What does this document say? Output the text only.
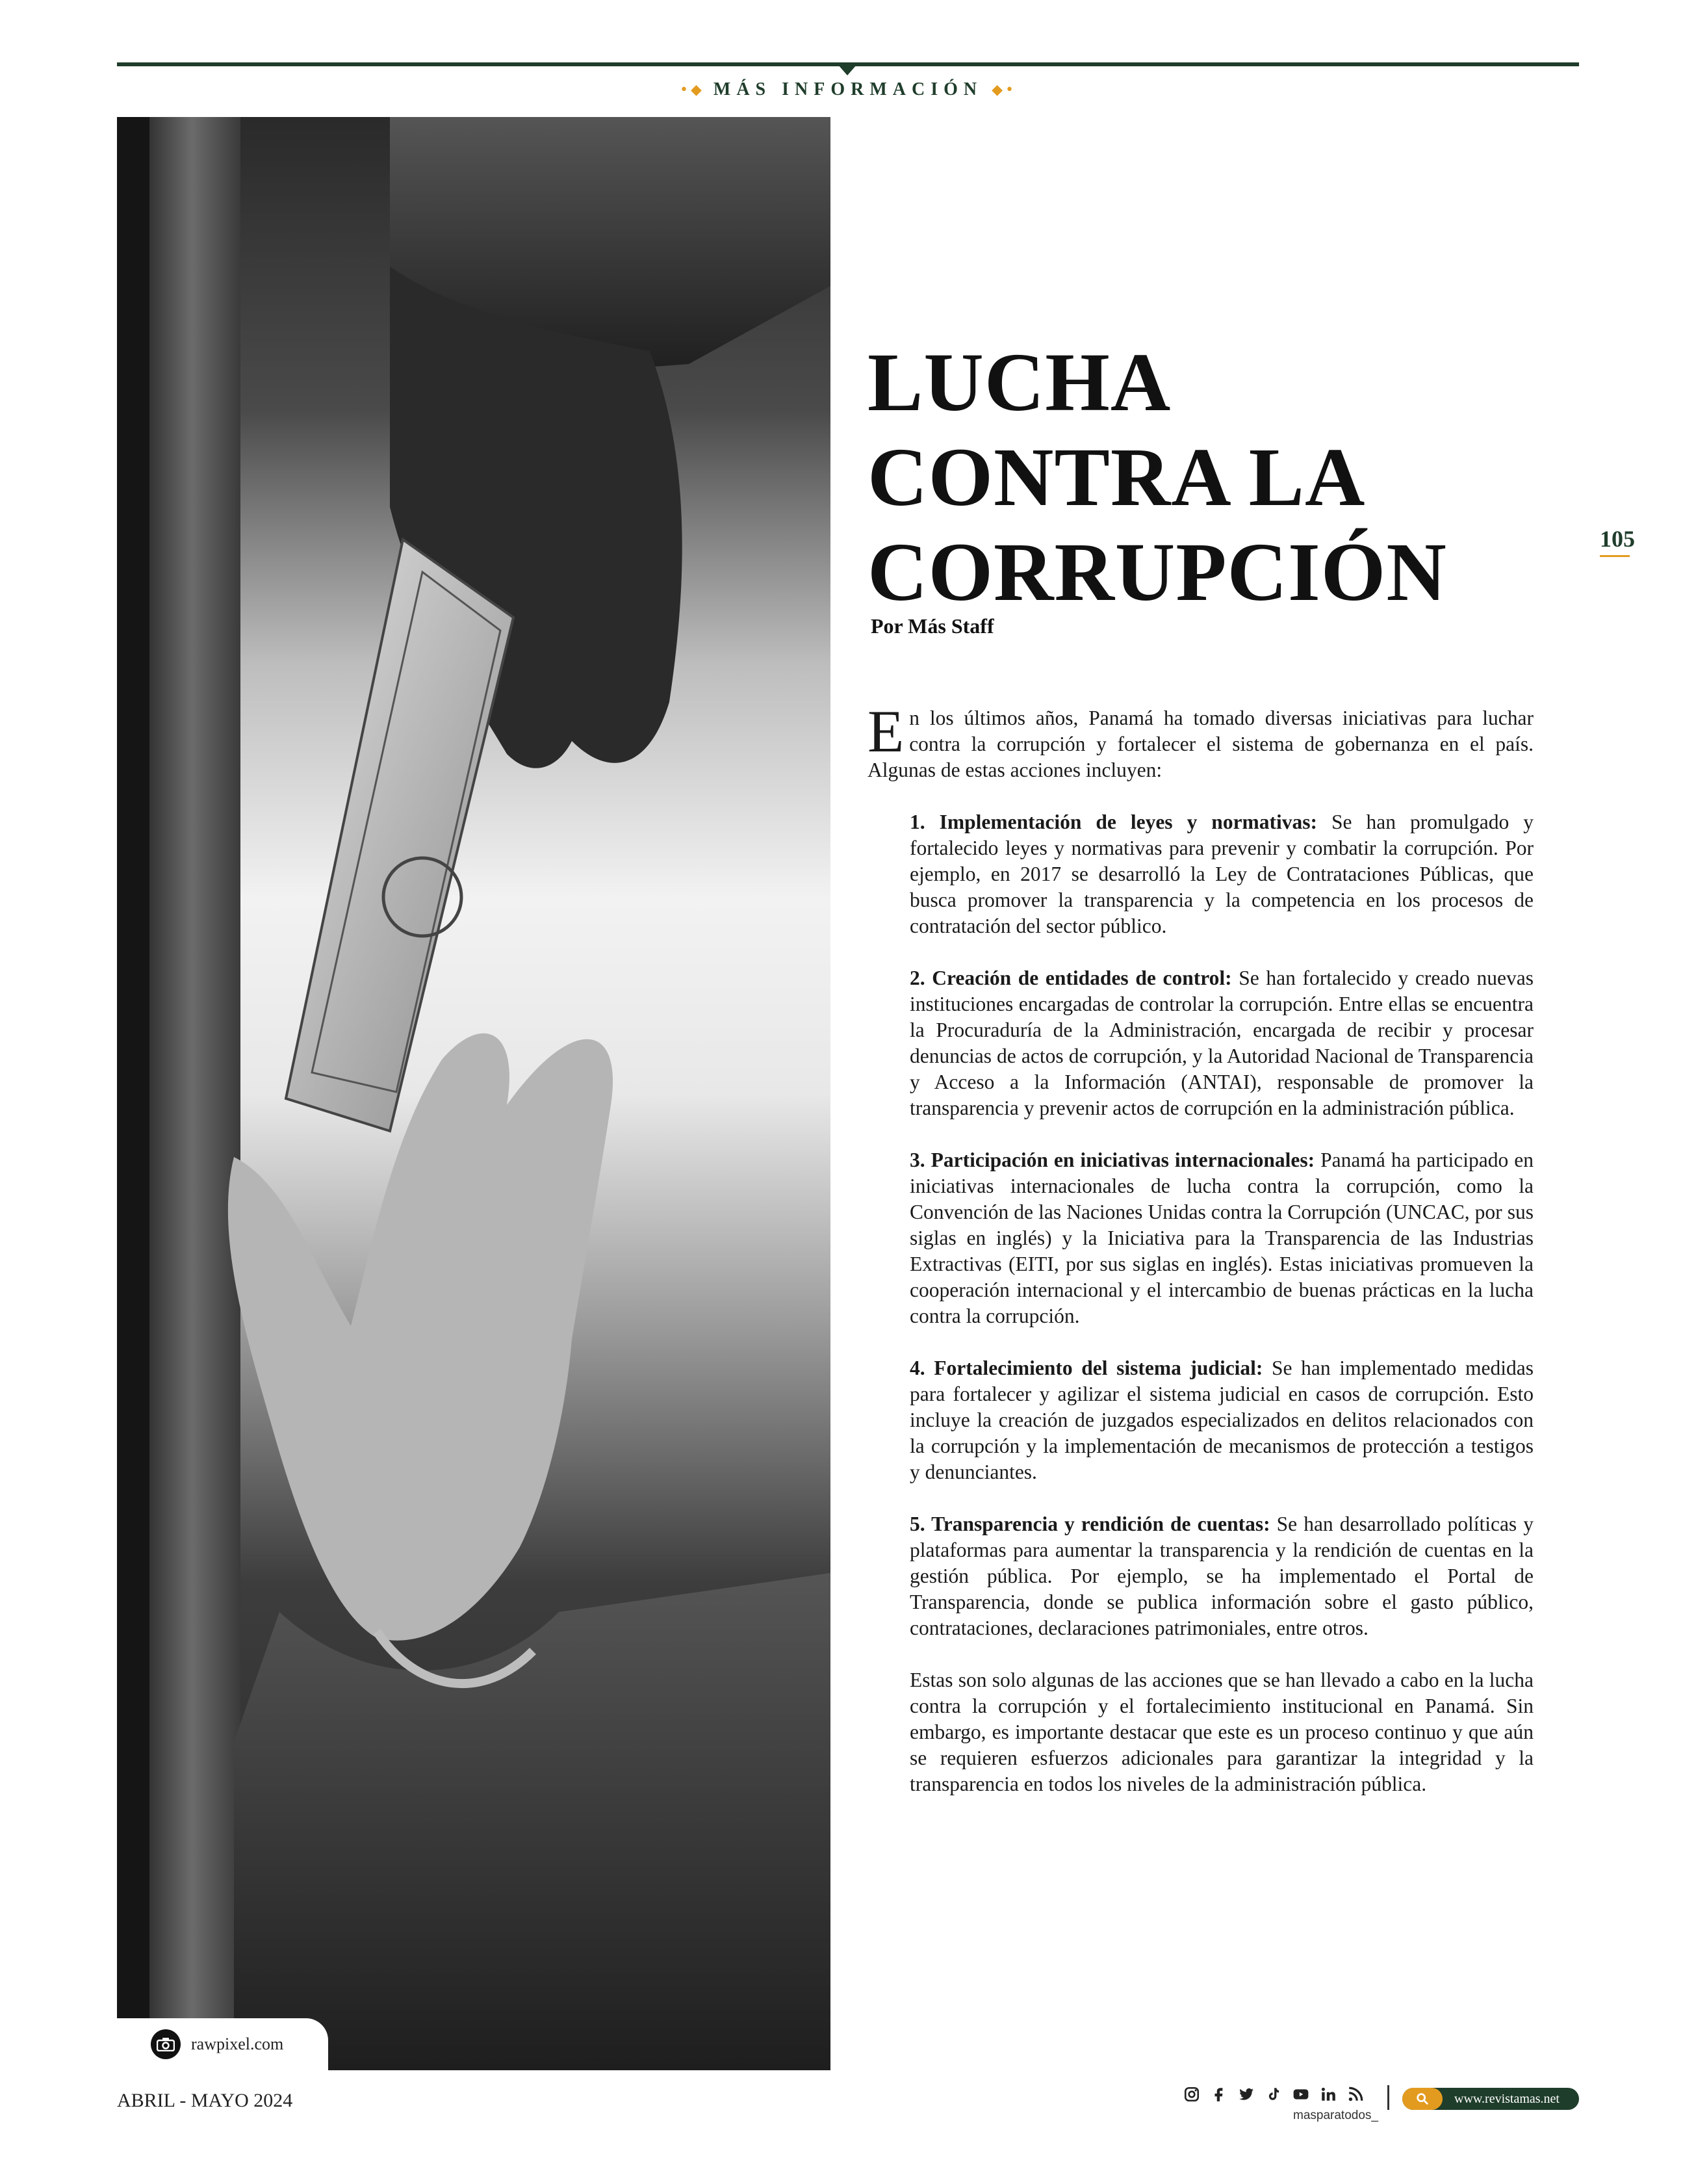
•◆ MÁS INFORMACIÓN ◆•
rawpixel.com
LUCHA
CONTRA LA
CORRUPCIÓN
Por Más Staff
105

En los últimos años, Panamá ha tomado diversas iniciativas para luchar contra la corrupción y fortalecer el sistema de gobernanza en el país. Algunas de estas acciones incluyen:

1. Implementación de leyes y normativas: Se han promulgado y fortalecido leyes y normativas para prevenir y combatir la corrupción. Por ejemplo, en 2017 se desarrolló la Ley de Contrataciones Públicas, que busca promover la transparencia y la competencia en los procesos de contratación del sector público.

2. Creación de entidades de control: Se han fortalecido y creado nuevas instituciones encargadas de controlar la corrupción. Entre ellas se encuentra la Procuraduría de la Administración, encargada de recibir y procesar denuncias de actos de corrupción, y la Autoridad Nacional de Transparencia y Acceso a la Información (ANTAI), responsable de promover la transparencia y prevenir actos de corrupción en la administración pública.

3. Participación en iniciativas internacionales: Panamá ha participado en iniciativas internacionales de lucha contra la corrupción, como la Convención de las Naciones Unidas contra la Corrupción (UNCAC, por sus siglas en inglés) y la Iniciativa para la Transparencia de las Industrias Extractivas (EITI, por sus siglas en inglés). Estas iniciativas promueven la cooperación internacional y el intercambio de buenas prácticas en la lucha contra la corrupción.

4. Fortalecimiento del sistema judicial: Se han implementado medidas para fortalecer y agilizar el sistema judicial en casos de corrupción. Esto incluye la creación de juzgados especializados en delitos relacionados con la corrupción y la implementación de mecanismos de protección a testigos y denunciantes.

5. Transparencia y rendición de cuentas: Se han desarrollado políticas y plataformas para aumentar la transparencia y la rendición de cuentas en la gestión pública. Por ejemplo, se ha implementado el Portal de Transparencia, donde se publica información sobre el gasto público, contrataciones, declaraciones patrimoniales, entre otros.

Estas son solo algunas de las acciones que se han llevado a cabo en la lucha contra la corrupción y el fortalecimiento institucional en Panamá. Sin embargo, es importante destacar que este es un proceso continuo y que aún se requieren esfuerzos adicionales para garantizar la integridad y la transparencia en todos los niveles de la administración pública.

ABRIL - MAYO 2024
masparatodos_
www.revistamas.net
